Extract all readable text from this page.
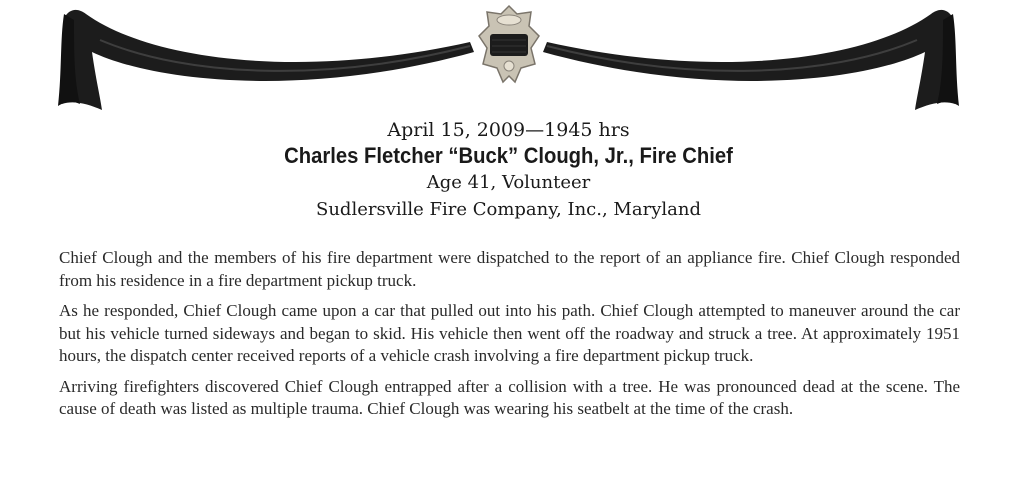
April 15, 2009—1945 hrs

Charles Fletcher “Buck” Clough, Jr., Fire Chief

Age 41, Volunteer

Sudlersville Fire Company, Inc., Maryland

Chief Clough and the members of his fire department were dispatched to the report of an appliance fire. Chief Clough responded from his residence in a fire department pickup truck.

As he responded, Chief Clough came upon a car that pulled out into his path. Chief Clough attempted to maneuver around the car but his vehicle turned sideways and began to skid. His vehicle then went off the roadway and struck a tree. At approximately 1951 hours, the dispatch center received reports of a vehicle crash involving a fire department pickup truck.

Arriving firefighters discovered Chief Clough entrapped after a collision with a tree. He was pronounced dead at the scene. The cause of death was listed as multiple trauma. Chief Clough was wearing his seatbelt at the time of the crash.
